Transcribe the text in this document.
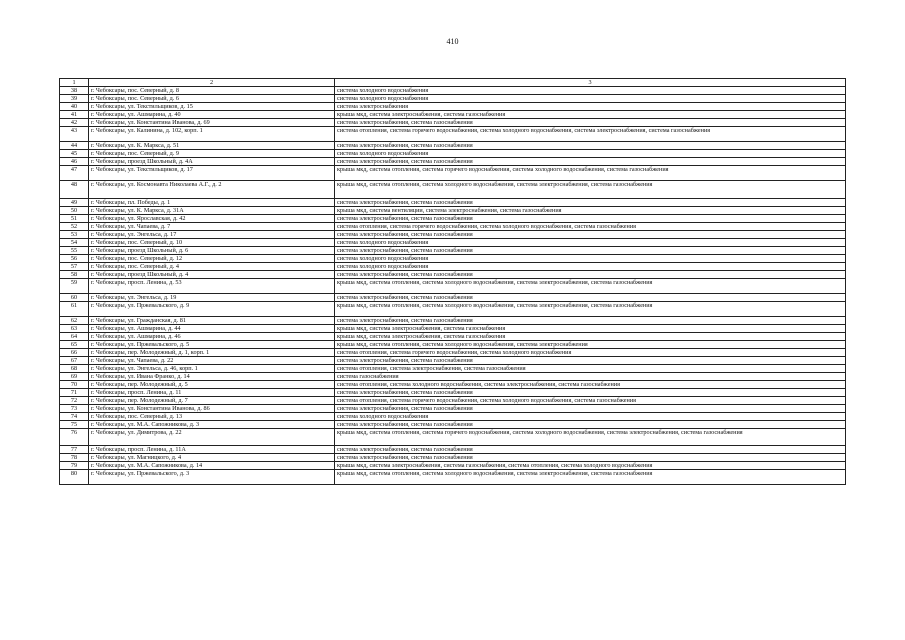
410
1	2	3
38	г. Чебоксары, пос. Северный, д. 8	система холодного водоснабжения
39	г. Чебоксары, пос. Северный, д. 6	система холодного водоснабжения
40	г. Чебоксары, ул. Текстильщиков, д. 15	система электроснабжения
41	г. Чебоксары, ул. Ашмарина, д. 40	крыша мкд, система электроснабжения, система газоснабжения
42	г. Чебоксары, ул. Константина Иванова, д. 69	система электроснабжения, система газоснабжения
43	г. Чебоксары, ул. Калинина, д. 102, корп. 1	система отопления, система горячего водоснабжения, система холодного водоснабжения, система электроснабжения, система газоснабжения
44	г. Чебоксары, ул. К. Маркса, д. 51	система электроснабжения, система газоснабжения
45	г. Чебоксары, пос. Северный, д. 9	система холодного водоснабжения
46	г. Чебоксары, проезд Школьный, д. 4А	система электроснабжения, система газоснабжения
47	г. Чебоксары, ул. Текстильщиков, д. 17	крыша мкд, система отопления, система горячего водоснабжения, система холодного водоснабжения, система газоснабжения
48	г. Чебоксары, ул. Космонавта Николаева А.Г., д. 2	крыша мкд, система отопления, система холодного водоснабжения, система электроснабжения, система газоснабжения
49	г. Чебоксары, пл. Победы, д. 1	система электроснабжения, система газоснабжения
50	г. Чебоксары, ул. К. Маркса, д. 31А	крыша мкд, система вентиляции, система электроснабжения, система газоснабжения
51	г. Чебоксары, ул. Ярославская, д. 42	система электроснабжения, система газоснабжения
52	г. Чебоксары, ул. Чапаева, д. 7	система отопления, система горячего водоснабжения, система холодного водоснабжения, система газоснабжения
53	г. Чебоксары, ул. Энгельса, д. 17	система электроснабжения, система газоснабжения
54	г. Чебоксары, пос. Северный, д. 10	система холодного водоснабжения
55	г. Чебоксары, проезд Школьный, д. 6	система электроснабжения, система газоснабжения
56	г. Чебоксары, пос. Северный, д. 12	система холодного водоснабжения
57	г. Чебоксары, пос. Северный, д. 4	система холодного водоснабжения
58	г. Чебоксары, проезд Школьный, д. 4	система электроснабжения, система газоснабжения
59	г. Чебоксары, просп. Ленина, д. 53	крыша мкд, система отопления, система холодного водоснабжения, система электроснабжения, система газоснабжения
60	г. Чебоксары, ул. Энгельса, д. 19	система электроснабжения, система газоснабжения
61	г. Чебоксары, ул. Пржевальского, д. 9	крыша мкд, система отопления, система холодного водоснабжения, система электроснабжения, система газоснабжения
62	г. Чебоксары, ул. Гражданская, д. 81	система электроснабжения, система газоснабжения
63	г. Чебоксары, ул. Ашмарина, д. 44	крыша мкд, система электроснабжения, система газоснабжения
64	г. Чебоксары, ул. Ашмарина, д. 46	крыша мкд, система электроснабжения, система газоснабжения
65	г. Чебоксары, ул. Пржевальского, д. 5	крыша мкд, система отопления, система холодного водоснабжения, система электроснабжения
66	г. Чебоксары, пер. Молодежный, д. 1, корп. 1	система отопления, система горячего водоснабжения, система холодного водоснабжения
67	г. Чебоксары, ул. Чапаева, д. 22	система электроснабжения, система газоснабжения
68	г. Чебоксары, ул. Энгельса, д. 46, корп. 1	система отопления, система электроснабжения, система газоснабжения
69	г. Чебоксары, ул. Ивана Франко, д. 14	система газоснабжения
70	г. Чебоксары, пер. Молодежный, д. 5	система отопления, система холодного водоснабжения, система электроснабжения, система газоснабжения
71	г. Чебоксары, просп. Ленина, д. 11	система электроснабжения, система газоснабжения
72	г. Чебоксары, пер. Молодежный, д. 7	система отопления, система горячего водоснабжения, система холодного водоснабжения, система газоснабжения
73	г. Чебоксары, ул. Константина Иванова, д. 86	система электроснабжения, система газоснабжения
74	г. Чебоксары, пос. Северный, д. 13	система холодного водоснабжения
75	г. Чебоксары, ул. М.А. Сапожникова, д. 3	система электроснабжения, система газоснабжения
76	г. Чебоксары, ул. Димитрова, д. 22	крыша мкд, система отопления, система горячего водоснабжения, система холодного водоснабжения, система электроснабжения, система газоснабжения
77	г. Чебоксары, просп. Ленина, д. 11А	система электроснабжения, система газоснабжения
78	г. Чебоксары, ул. Магницкого, д. 4	система электроснабжения, система газоснабжения
79	г. Чебоксары, ул. М.А. Сапожникова, д. 14	крыша мкд, система электроснабжения, система газоснабжения, система отопления, система холодного водоснабжения
80	г. Чебоксары, ул. Пржевальского, д. 3	крыша мкд, система отопления, система холодного водоснабжения, система электроснабжения, система газоснабжения
